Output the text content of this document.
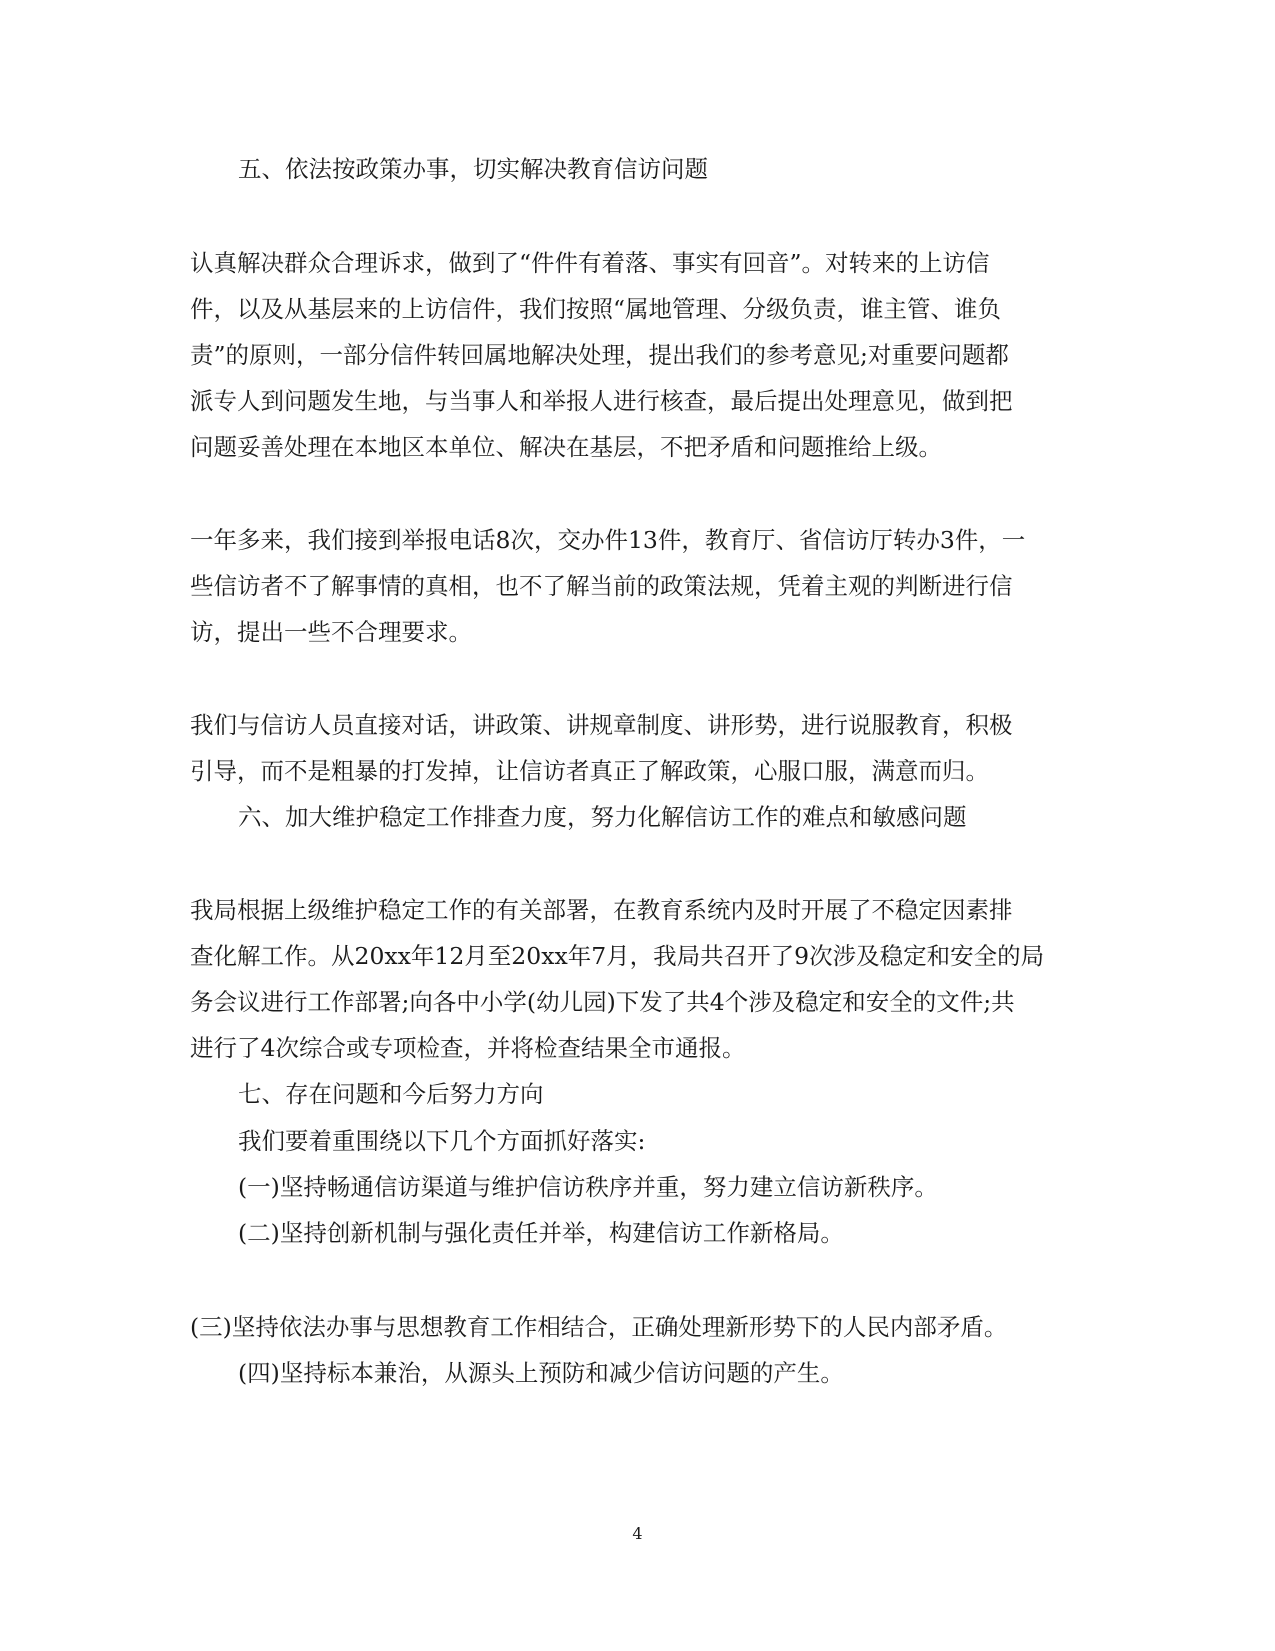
五、依法按政策办事，切实解决教育信访问题
认真解决群众合理诉求，做到了“件件有着落、事实有回音”。对转来的上访信
件，以及从基层来的上访信件，我们按照“属地管理、分级负责，谁主管、谁负
责”的原则，一部分信件转回属地解决处理，提出我们的参考意见;对重要问题都
派专人到问题发生地，与当事人和举报人进行核查，最后提出处理意见，做到把
问题妥善处理在本地区本单位、解决在基层，不把矛盾和问题推给上级。
一年多来，我们接到举报电话8次，交办件13件，教育厅、省信访厅转办3件，一
些信访者不了解事情的真相，也不了解当前的政策法规，凭着主观的判断进行信
访，提出一些不合理要求。
我们与信访人员直接对话，讲政策、讲规章制度、讲形势，进行说服教育，积极
引导，而不是粗暴的打发掉，让信访者真正了解政策，心服口服，满意而归。
六、加大维护稳定工作排查力度，努力化解信访工作的难点和敏感问题
我局根据上级维护稳定工作的有关部署，在教育系统内及时开展了不稳定因素排
查化解工作。从20xx年12月至20xx年7月，我局共召开了9次涉及稳定和安全的局
务会议进行工作部署;向各中小学(幼儿园)下发了共4个涉及稳定和安全的文件;共
进行了4次综合或专项检查，并将检查结果全市通报。
七、存在问题和今后努力方向
我们要着重围绕以下几个方面抓好落实:
(一)坚持畅通信访渠道与维护信访秩序并重，努力建立信访新秩序。
(二)坚持创新机制与强化责任并举，构建信访工作新格局。
(三)坚持依法办事与思想教育工作相结合，正确处理新形势下的人民内部矛盾。
(四)坚持标本兼治，从源头上预防和减少信访问题的产生。
4
